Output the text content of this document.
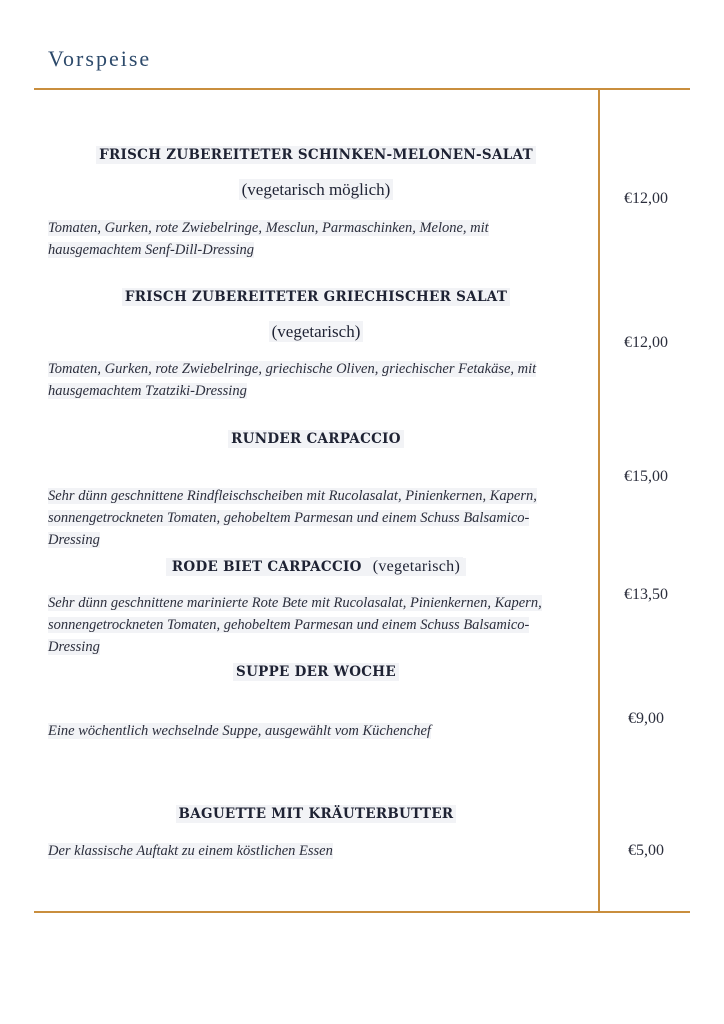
Vorspeise
FRISCH ZUBEREITETER SCHINKEN-MELONEN-SALAT
(vegetarisch möglich)
Tomaten, Gurken, rote Zwiebelringe, Mesclun, Parmaschinken, Melone, mit hausgemachtem Senf-Dill-Dressing
€12,00
FRISCH ZUBEREITETER GRIECHISCHER SALAT
(vegetarisch)
Tomaten, Gurken, rote Zwiebelringe, griechische Oliven, griechischer Fetakäse, mit hausgemachtem Tzatziki-Dressing
€12,00
RUNDER CARPACCIO
Sehr dünn geschnittene Rindfleischscheiben mit Rucolasalat, Pinienkernen, Kapern, sonnengetrockneten Tomaten, gehobeltem Parmesan und einem Schuss Balsamico-Dressing
€15,00
RODE BIET CARPACCIO (vegetarisch)
Sehr dünn geschnittene marinierte Rote Bete mit Rucolasalat, Pinienkernen, Kapern, sonnengetrockneten Tomaten, gehobeltem Parmesan und einem Schuss Balsamico-Dressing
€13,50
SUPPE DER WOCHE
Eine wöchentlich wechselnde Suppe, ausgewählt vom Küchenchef
€9,00
BAGUETTE MIT KRÄUTERBUTTER
Der klassische Auftakt zu einem köstlichen Essen	€5,00
